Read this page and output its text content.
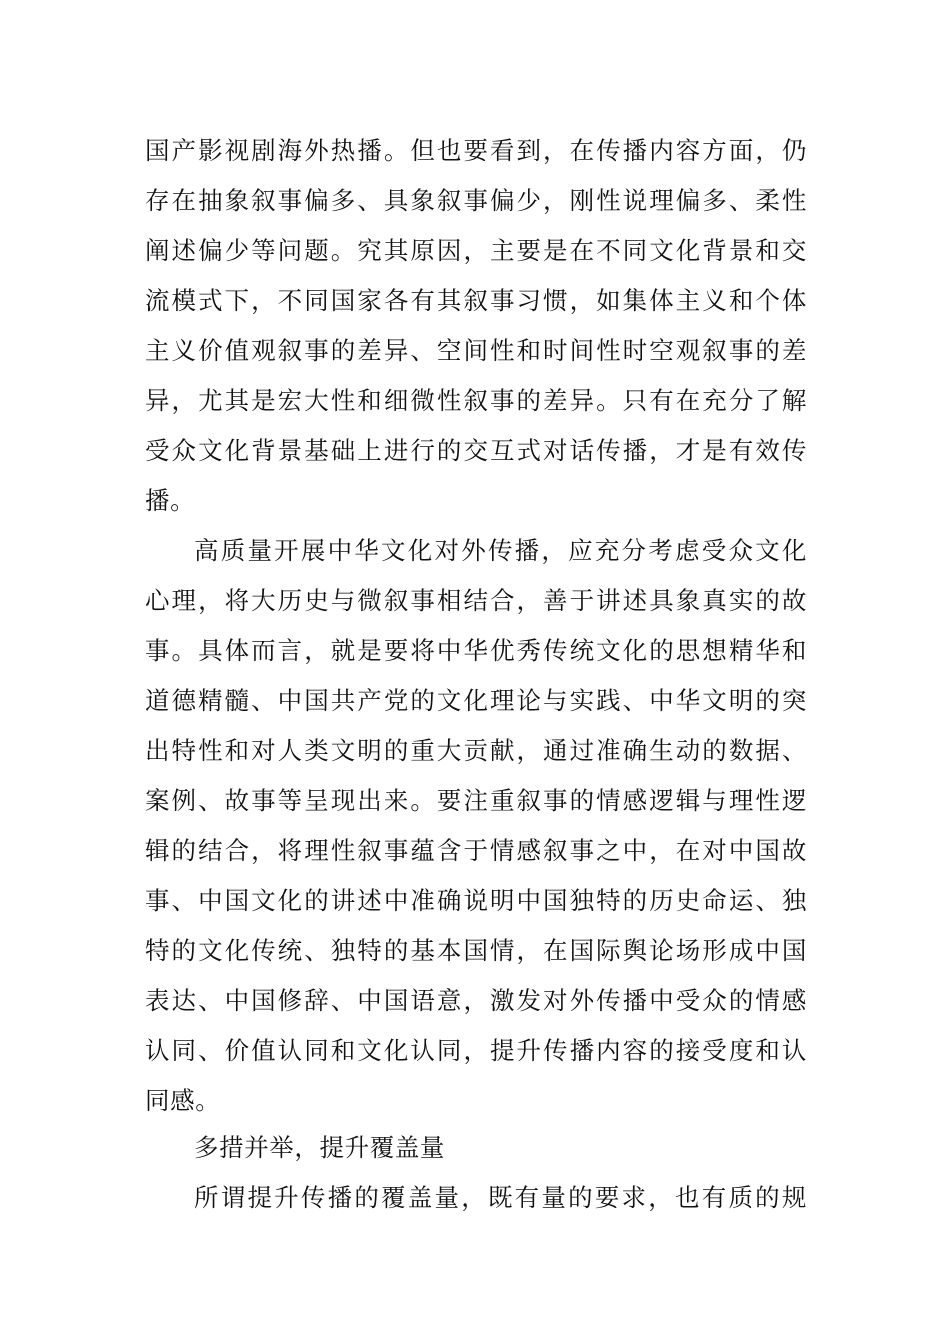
国产影视剧海外热播。但也要看到，在传播内容方面，仍
存在抽象叙事偏多、具象叙事偏少，刚性说理偏多、柔性
阐述偏少等问题。究其原因，主要是在不同文化背景和交
流模式下，不同国家各有其叙事习惯，如集体主义和个体
主义价值观叙事的差异、空间性和时间性时空观叙事的差
异，尤其是宏大性和细微性叙事的差异。只有在充分了解
受众文化背景基础上进行的交互式对话传播，才是有效传
播。
高质量开展中华文化对外传播，应充分考虑受众文化
心理，将大历史与微叙事相结合，善于讲述具象真实的故
事。具体而言，就是要将中华优秀传统文化的思想精华和
道德精髓、中国共产党的文化理论与实践、中华文明的突
出特性和对人类文明的重大贡献，通过准确生动的数据、
案例、故事等呈现出来。要注重叙事的情感逻辑与理性逻
辑的结合，将理性叙事蕴含于情感叙事之中，在对中国故
事、中国文化的讲述中准确说明中国独特的历史命运、独
特的文化传统、独特的基本国情，在国际舆论场形成中国
表达、中国修辞、中国语意，激发对外传播中受众的情感
认同、价值认同和文化认同，提升传播内容的接受度和认
同感。
多措并举，提升覆盖量
所谓提升传播的覆盖量，既有量的要求，也有质的规
